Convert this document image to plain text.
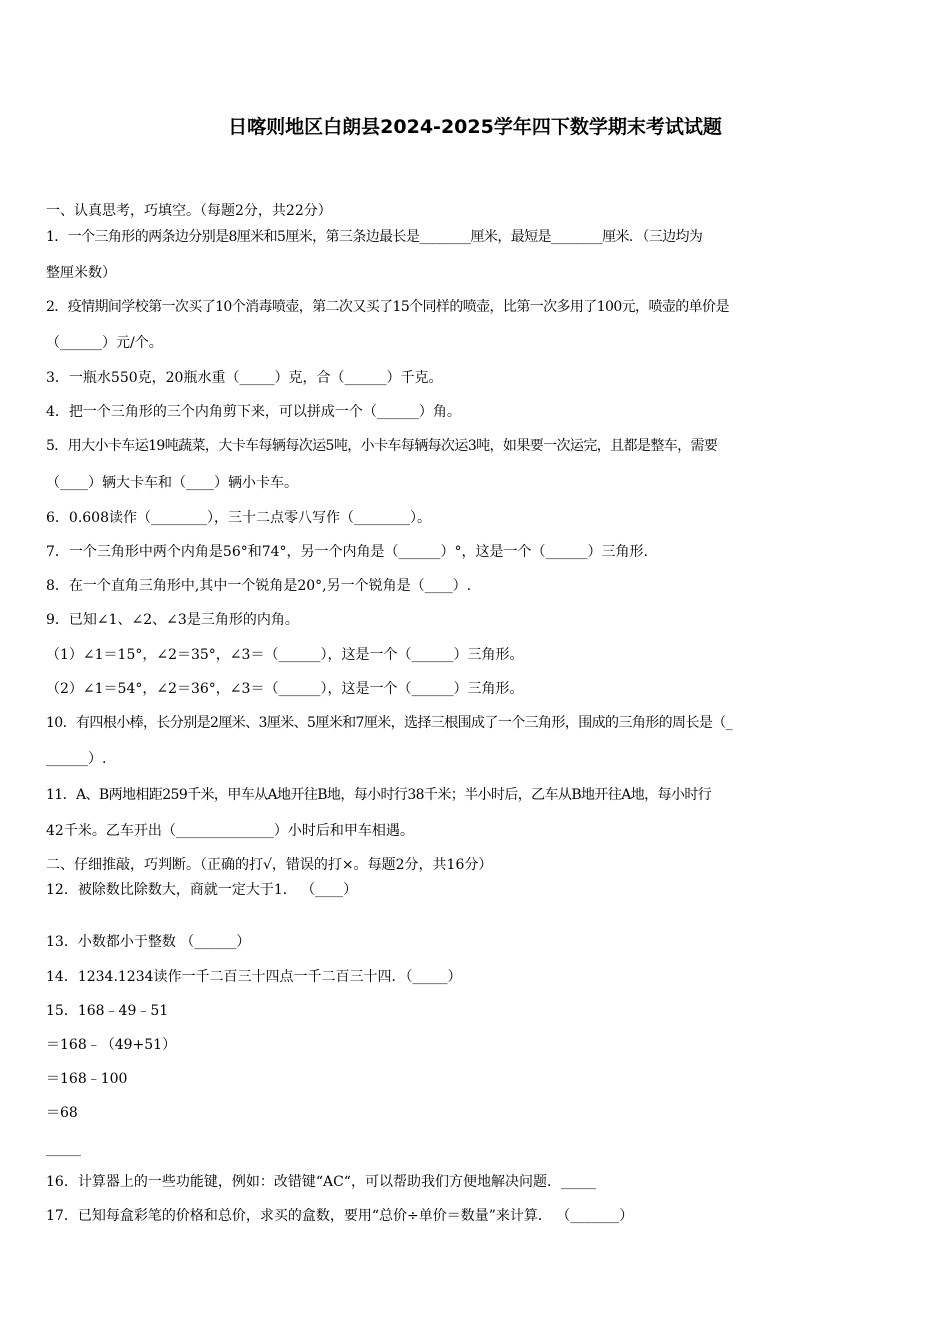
日喀则地区白朗县2024-2025学年四下数学期末考试试题
一、认真思考，巧填空。（每题2分，共22分）
1．一个三角形的两条边分别是8厘米和5厘米，第三条边最长是________厘米，最短是________厘米．（三边均为
整厘米数）
2．疫情期间学校第一次买了10个消毒喷壶，第二次又买了15个同样的喷壶，比第一次多用了100元，喷壶的单价是
（______）元/个。
3．一瓶水550克，20瓶水重（_____）克，合（______）千克。
4．把一个三角形的三个内角剪下来，可以拼成一个（______）角。
5．用大小卡车运19吨蔬菜，大卡车每辆每次运5吨，小卡车每辆每次运3吨，如果要一次运完，且都是整车，需要
（____）辆大卡车和（____）辆小卡车。
6．0.608读作（________），三十二点零八写作（________）。
7．一个三角形中两个内角是56°和74°，另一个内角是（______）°，这是一个（______）三角形.
8．在一个直角三角形中,其中一个锐角是20°,另一个锐角是（____）.
9．已知∠1、∠2、∠3是三角形的内角。
（1）∠1＝15°，∠2＝35°，∠3＝（______），这是一个（______）三角形。
（2）∠1＝54°，∠2＝36°，∠3＝（______），这是一个（______）三角形。
10．有四根小棒，长分别是2厘米、3厘米、5厘米和7厘米，选择三根围成了一个三角形，围成的三角形的周长是（_
______）.
11．A、B两地相距259千米，甲车从A地开往B地，每小时行38千米；半小时后，乙车从B地开往A地，每小时行
42千米。乙车开出（______________）小时后和甲车相遇。
二、仔细推敲，巧判断。（正确的打√，错误的打×。每题2分，共16分）
12．被除数比除数大，商就一定大于1． （____）
13．小数都小于整数 （______）
14．1234.1234读作一千二百三十四点一千二百三十四．（_____）
15．168﹣49﹣51
＝168﹣（49+51）
＝168﹣100
＝68
_____
16．计算器上的一些功能键，例如：改错键“AC“，可以帮助我们方便地解决问题．_____
17．已知每盒彩笔的价格和总价，求买的盒数，要用“总价÷单价＝数量”来计算． （_______）
